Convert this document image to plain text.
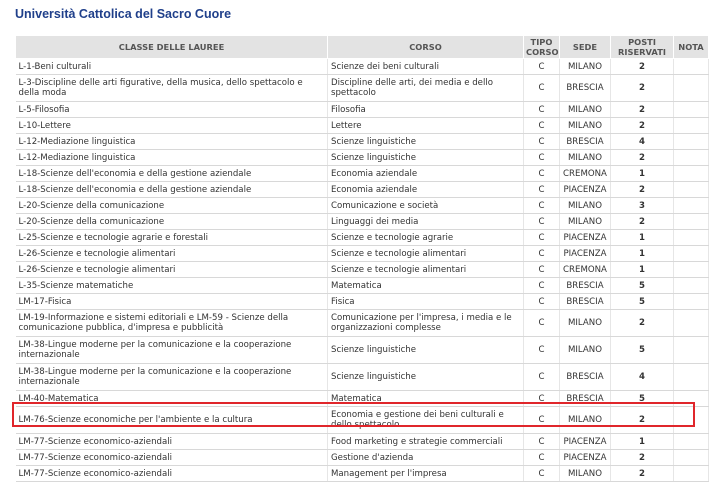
Università Cattolica del Sacro Cuore
CLASSE DELLE LAUREE	CORSO	TIPO CORSO	SEDE	POSTI RISERVATI	NOTA
L-1-Beni culturali	Scienze dei beni culturali	C	MILANO	2	
L-3-Discipline delle arti figurative, della musica, dello spettacolo e della moda	Discipline delle arti, dei media e dello spettacolo	C	BRESCIA	2	
L-5-Filosofia	Filosofia	C	MILANO	2	
L-10-Lettere	Lettere	C	MILANO	2	
L-12-Mediazione linguistica	Scienze linguistiche	C	BRESCIA	4	
L-12-Mediazione linguistica	Scienze linguistiche	C	MILANO	2	
L-18-Scienze dell'economia e della gestione aziendale	Economia aziendale	C	CREMONA	1	
L-18-Scienze dell'economia e della gestione aziendale	Economia aziendale	C	PIACENZA	2	
L-20-Scienze della comunicazione	Comunicazione e società	C	MILANO	3	
L-20-Scienze della comunicazione	Linguaggi dei media	C	MILANO	2	
L-25-Scienze e tecnologie agrarie e forestali	Scienze e tecnologie agrarie	C	PIACENZA	1	
L-26-Scienze e tecnologie alimentari	Scienze e tecnologie alimentari	C	PIACENZA	1	
L-26-Scienze e tecnologie alimentari	Scienze e tecnologie alimentari	C	CREMONA	1	
L-35-Scienze matematiche	Matematica	C	BRESCIA	5	
LM-17-Fisica	Fisica	C	BRESCIA	5	
LM-19-Informazione e sistemi editoriali e LM-59 - Scienze della comunicazione pubblica, d'impresa e pubblicità	Comunicazione per l'impresa, i media e le organizzazioni complesse	C	MILANO	2	
LM-38-Lingue moderne per la comunicazione e la cooperazione internazionale	Scienze linguistiche	C	MILANO	5	
LM-38-Lingue moderne per la comunicazione e la cooperazione internazionale	Scienze linguistiche	C	BRESCIA	4	
LM-40-Matematica	Matematica	C	BRESCIA	5	
LM-76-Scienze economiche per l'ambiente e la cultura	Economia e gestione dei beni culturali e dello spettacolo	C	MILANO	2	
LM-77-Scienze economico-aziendali	Food marketing e strategie commerciali	C	PIACENZA	1	
LM-77-Scienze economico-aziendali	Gestione d'azienda	C	PIACENZA	2	
LM-77-Scienze economico-aziendali	Management per l'impresa	C	MILANO	2	
